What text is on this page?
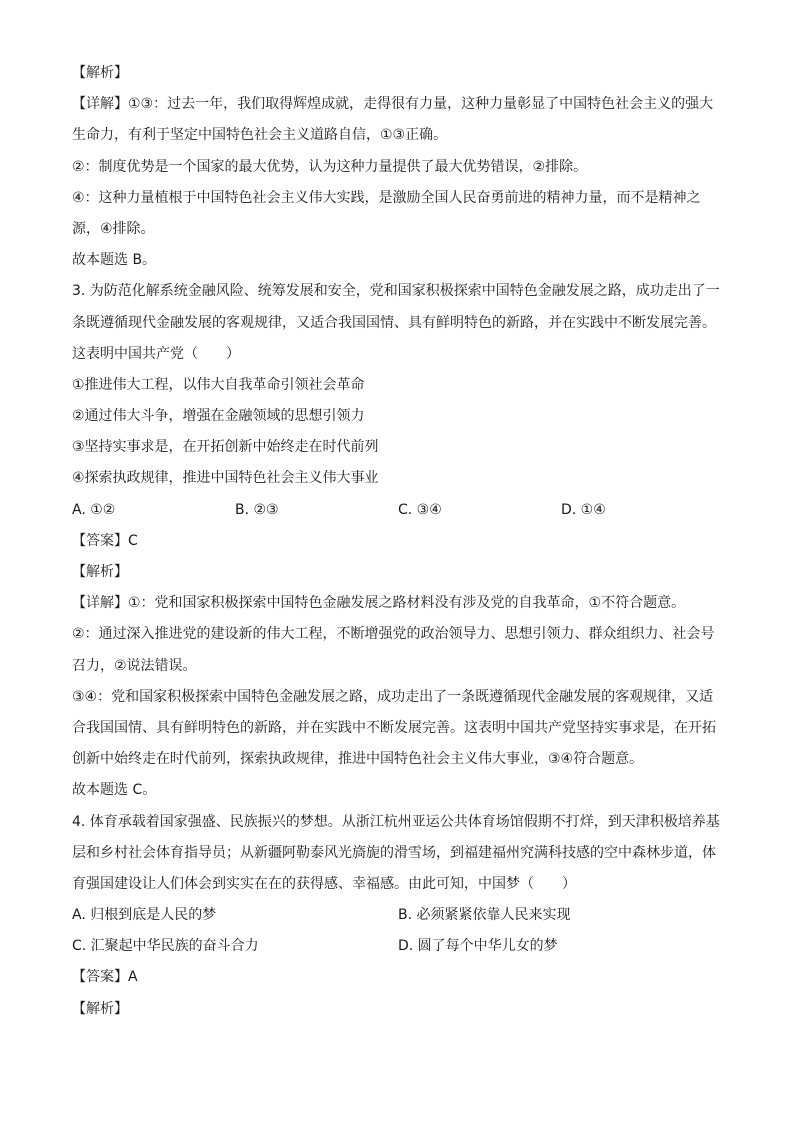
【解析】
【详解】①③：过去一年，我们取得辉煌成就，走得很有力量，这种力量彰显了中国特色社会主义的强大
生命力，有利于坚定中国特色社会主义道路自信，①③正确。
②：制度优势是一个国家的最大优势，认为这种力量提供了最大优势错误，②排除。
④：这种力量植根于中国特色社会主义伟大实践，是激励全国人民奋勇前进的精神力量，而不是精神之
源，④排除。
故本题选 B。
3. 为防范化解系统金融风险、统筹发展和安全，党和国家积极探索中国特色金融发展之路，成功走出了一
条既遵循现代金融发展的客观规律，又适合我国国情、具有鲜明特色的新路，并在实践中不断发展完善。
这表明中国共产党（　　）
①推进伟大工程，以伟大自我革命引领社会革命
②通过伟大斗争，增强在金融领域的思想引领力
③坚持实事求是，在开拓创新中始终走在时代前列
④探索执政规律，推进中国特色社会主义伟大事业
A. ①②	B. ②③	C. ③④	D. ①④
【答案】C
【解析】
【详解】①：党和国家积极探索中国特色金融发展之路材料没有涉及党的自我革命，①不符合题意。
②：通过深入推进党的建设新的伟大工程，不断增强党的政治领导力、思想引领力、群众组织力、社会号
召力，②说法错误。
③④：党和国家积极探索中国特色金融发展之路，成功走出了一条既遵循现代金融发展的客观规律，又适
合我国国情、具有鲜明特色的新路，并在实践中不断发展完善。这表明中国共产党坚持实事求是，在开拓
创新中始终走在时代前列，探索执政规律，推进中国特色社会主义伟大事业，③④符合题意。
故本题选 C。
4. 体育承载着国家强盛、民族振兴的梦想。从浙江杭州亚运公共体育场馆假期不打烊，到天津积极培养基
层和乡村社会体育指导员；从新疆阿勒泰风光旖旎的滑雪场，到福建福州究满科技感的空中森林步道，体
育强国建设让人们体会到实实在在的获得感、幸福感。由此可知，中国梦（　　）
A. 归根到底是人民的梦	B. 必须紧紧依靠人民来实现
C. 汇聚起中华民族的奋斗合力	D. 圆了每个中华儿女的梦
【答案】A
【解析】
